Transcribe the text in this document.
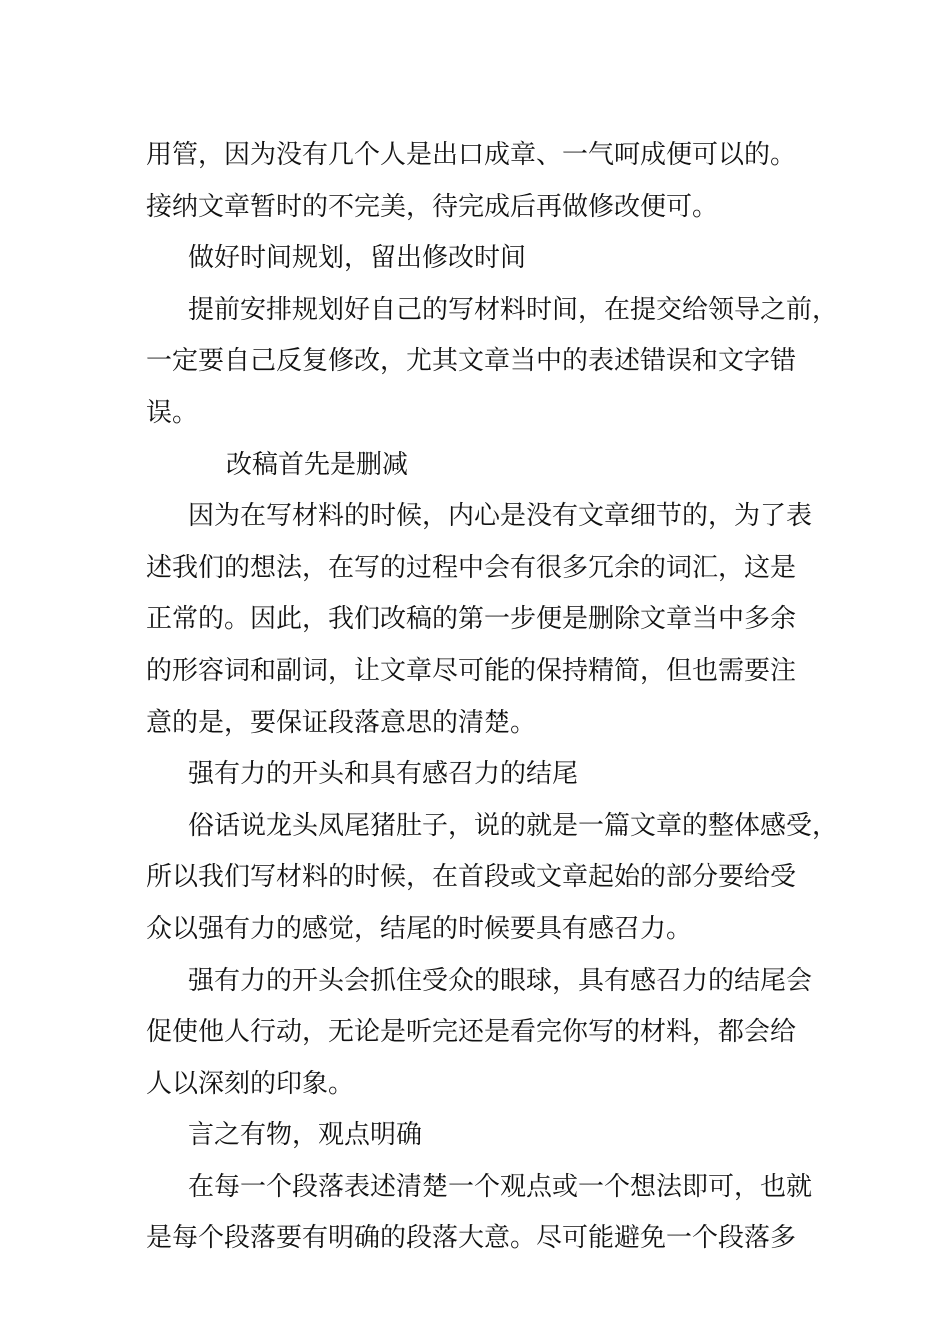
用管，因为没有几个人是出口成章、一气呵成便可以的。
接纳文章暂时的不完美，待完成后再做修改便可。
做好时间规划，留出修改时间
提前安排规划好自己的写材料时间，在提交给领导之前，
一定要自己反复修改，尤其文章当中的表述错误和文字错
误。
改稿首先是删减
因为在写材料的时候，内心是没有文章细节的，为了表
述我们的想法，在写的过程中会有很多冗余的词汇，这是
正常的。因此，我们改稿的第一步便是删除文章当中多余
的形容词和副词，让文章尽可能的保持精简，但也需要注
意的是，要保证段落意思的清楚。
强有力的开头和具有感召力的结尾
俗话说龙头凤尾猪肚子，说的就是一篇文章的整体感受，
所以我们写材料的时候，在首段或文章起始的部分要给受
众以强有力的感觉，结尾的时候要具有感召力。
强有力的开头会抓住受众的眼球，具有感召力的结尾会
促使他人行动，无论是听完还是看完你写的材料，都会给
人以深刻的印象。
言之有物，观点明确
在每一个段落表述清楚一个观点或一个想法即可，也就
是每个段落要有明确的段落大意。尽可能避免一个段落多
